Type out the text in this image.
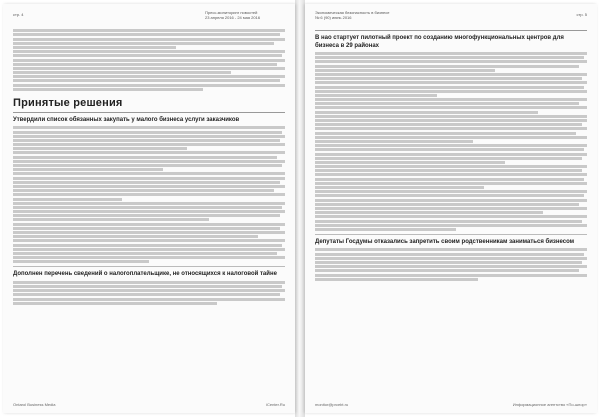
стр. 4	Пресс-мониторинг новостей
23 апреля 2016 - 24 мая 2016
Принятые решения
Утвердили список обязанных закупать у малого бизнеса услуги заказчиков
Дополнен перечень сведений о налогоплательщике, не относящихся к налоговой тайне
Ontarol Business Media	iCenter.Ru
Экономическая безопасность в бизнесе
№ 6 (90) июнь 2016
стр. 5
В нао стартует пилотный проект по созданию многофункциональных центров для бизнеса в 29 районах
Депутаты Госдумы отказались запретить своим родственникам заниматься бизнесом
monitor@prcebt.ru	Информационное агентство «По-шпор»
